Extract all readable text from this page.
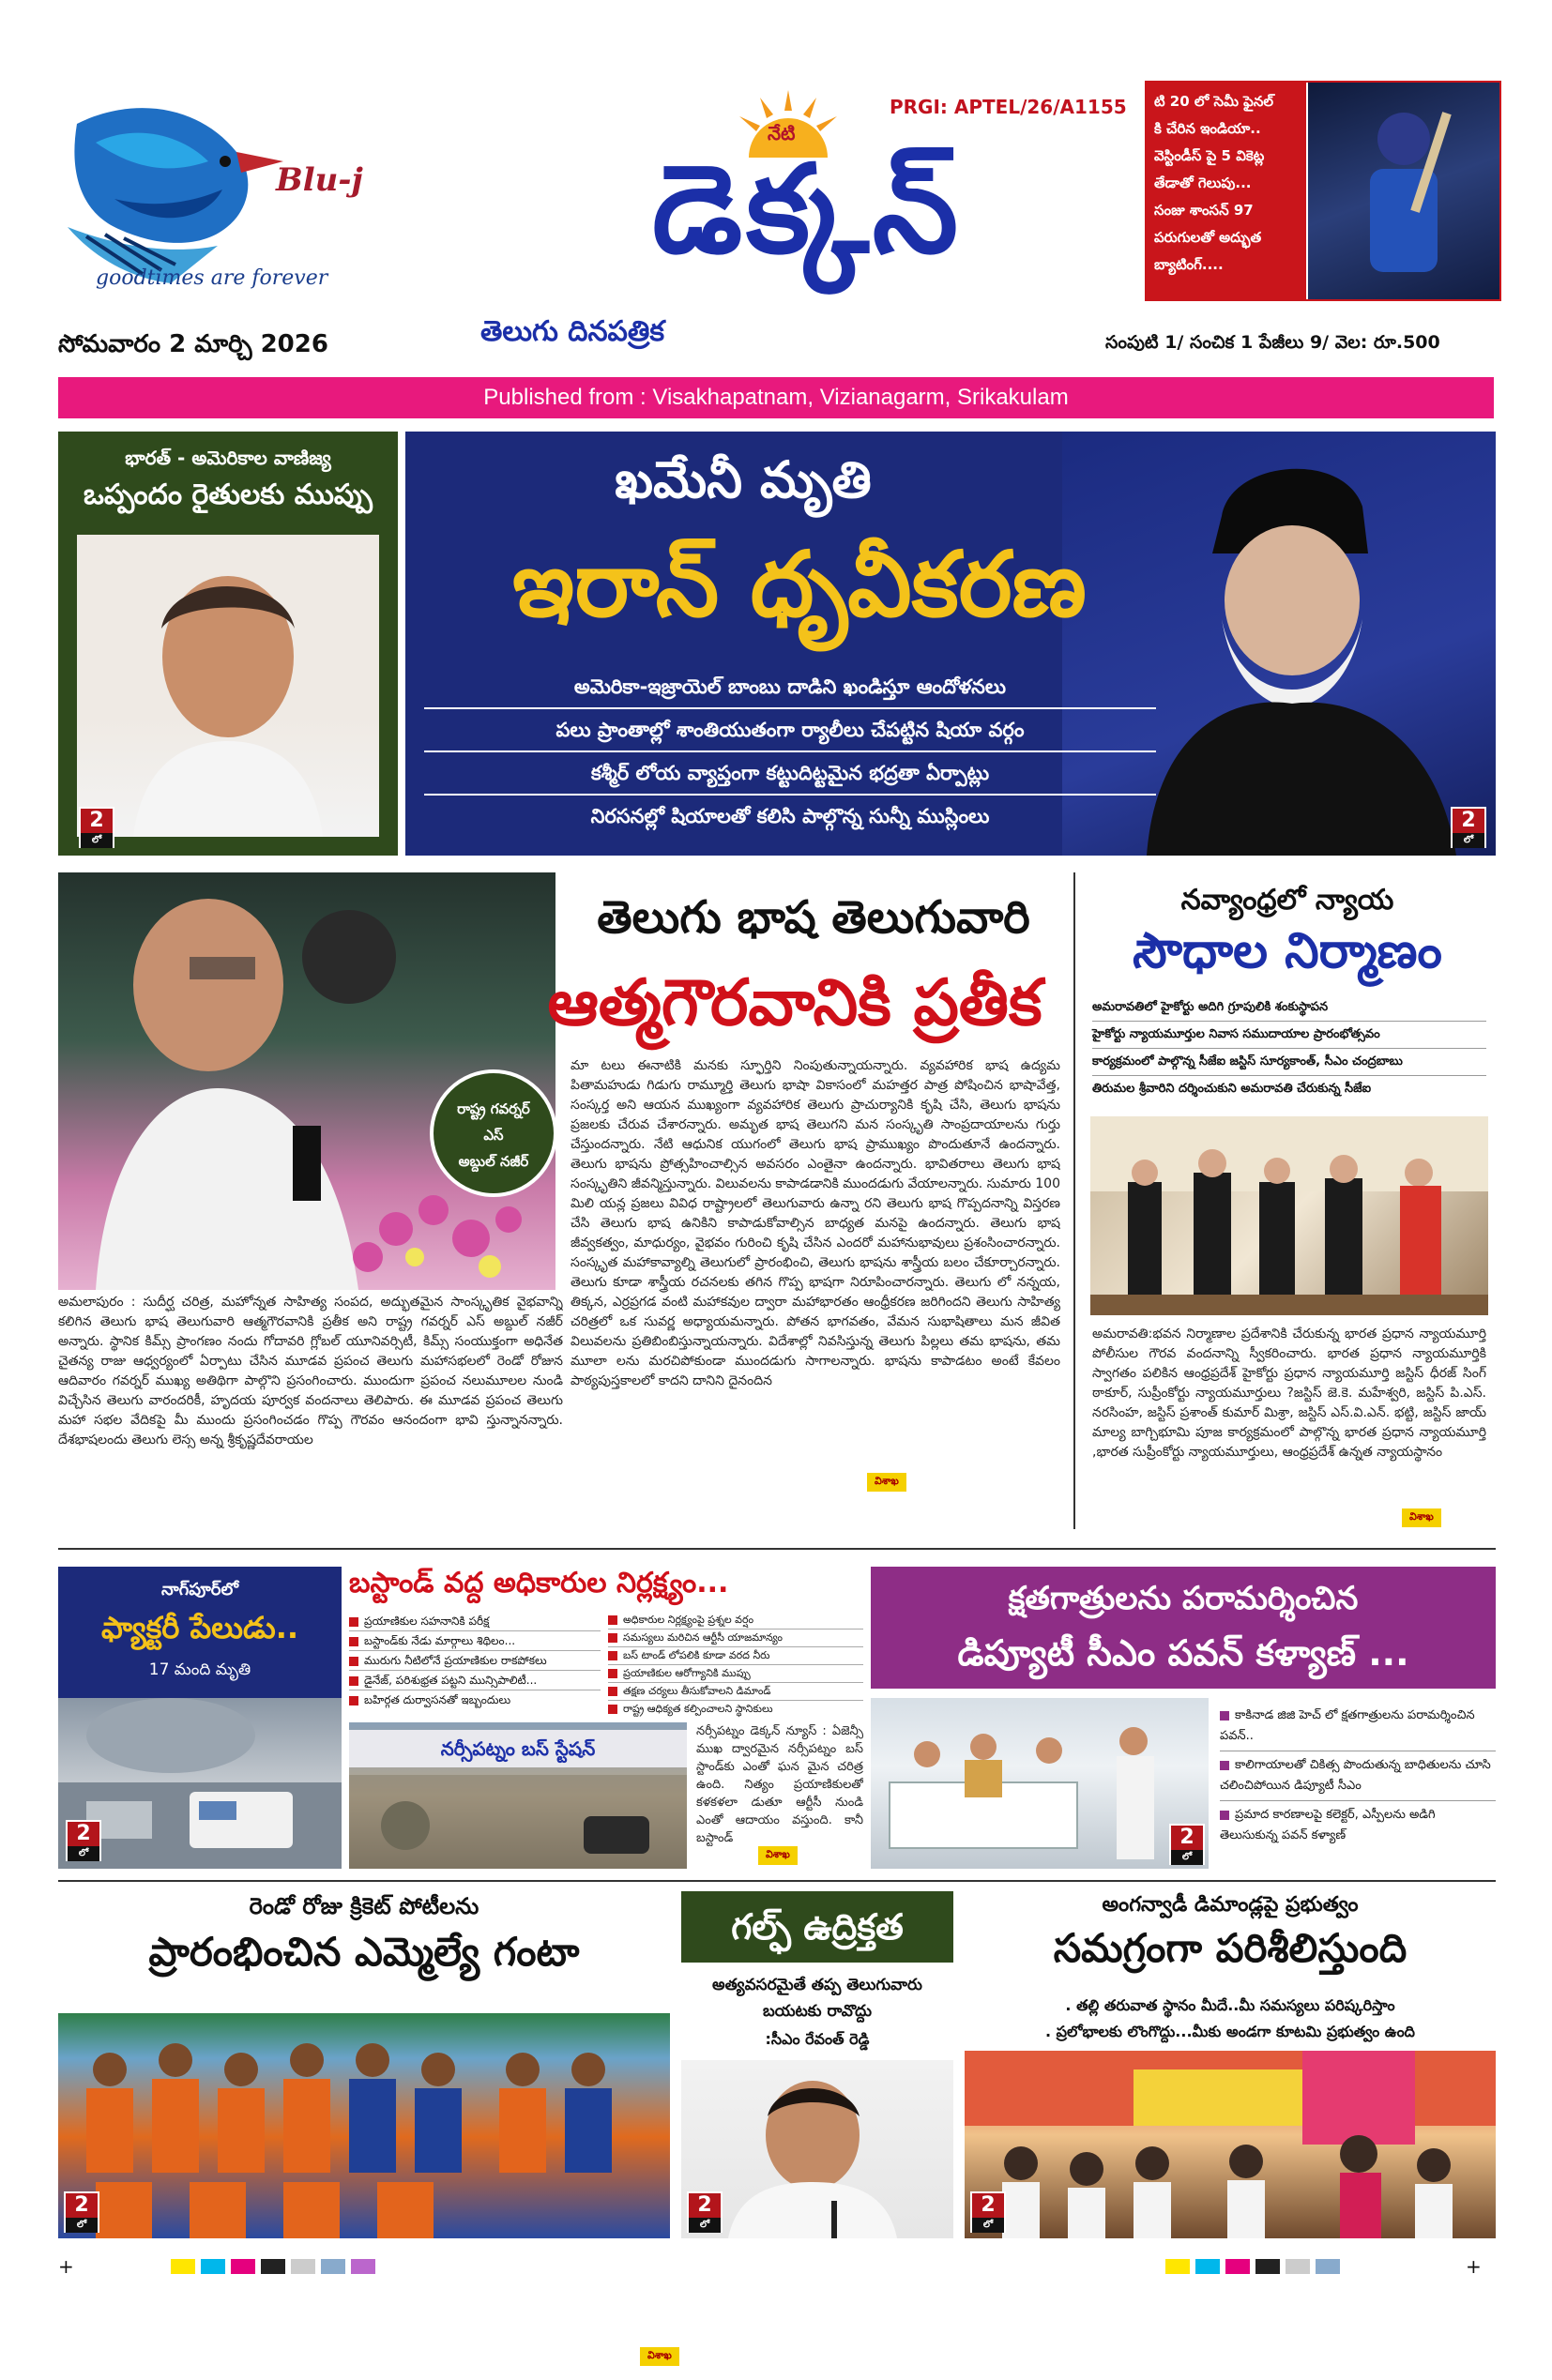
Blu-j
goodtimes are forever
సోమవారం 2 మార్చి 2026
నేటి
PRGI: APTEL/26/A1155
డెక్కన్
తెలుగు దినపత్రిక
టి 20 లో సెమీ ఫైనల్
కి చేరిన ఇండియా..
వెస్టిండీస్ పై 5 వికెట్ల
తేడాతో గెలుపు...
సంజు శాంసన్ 97
పరుగులతో అద్భుత
బ్యాటింగ్....
సంపుటి 1/ సంచిక 1 పేజీలు 9/ వెల: రూ.500
Published from : Visakhapatnam, Vizianagarm, Srikakulam
భారత్ - అమెరికాల వాణిజ్య
ఒప్పందం రైతులకు ముప్పు
2
లో
ఖమేనీ మృతి
ఇరాన్ ధృవీకరణ
అమెరికా-ఇజ్రాయెల్ బాంబు దాడిని ఖండిస్తూ ఆందోళనలు
పలు ప్రాంతాల్లో శాంతియుతంగా ర్యాలీలు చేపట్టిన షియా వర్గం
కశ్మీర్ లోయ వ్యాప్తంగా కట్టుదిట్టమైన భద్రతా ఏర్పాట్లు
నిరసనల్లో షియాలతో కలిసి పాల్గొన్న సున్నీ ముస్లింలు	2
లో
తెలుగు భాష తెలుగువారి
ఆత్మగౌరవానికి ప్రతీక
రాష్ట్ర గవర్నర్
ఎస్
అబ్దుల్ నజీర్
మా టలు ఈనాటికి మనకు స్ఫూర్తిని నింపుతున్నాయన్నారు. వ్యవహారిక భాష ఉద్యమ పితామహుడు గిడుగు రామ్మూర్తి తెలుగు భాషా వికాసంలో మహత్తర పాత్ర పోషించిన భాషావేత్త, సంస్కర్త అని ఆయన ముఖ్యంగా వ్యవహారిక తెలుగు ప్రాచుర్యానికి కృషి చేసి, తెలుగు భాషను ప్రజలకు చేరువ చేశారన్నారు. అమృత భాష తెలుగని మన సంస్కృతి సాంప్రదాయాలను గుర్తు చేస్తుందన్నారు. నేటి ఆధునిక యుగంలో తెలుగు భాష ప్రాముఖ్యం పొందుతూనే ఉందన్నారు. తెలుగు భాషను ప్రోత్సహించాల్సిన అవసరం ఎంతైనా ఉందన్నారు. భావితరాలు తెలుగు భాష సంస్కృతిని జీవన్మిస్తున్నారు. విలువలను కాపాడడానికి ముందడుగు వేయాలన్నారు. సుమారు 100 మిలి యన్ల ప్రజలు వివిధ రాష్ట్రాలలో తెలుగువారు ఉన్నా రని తెలుగు భాష గొప్పదనాన్ని విస్తరణ చేసి తెలుగు భాష ఉనికిని కాపాడుకోవాల్సిన బాధ్యత మనపై ఉందన్నారు. తెలుగు భాష జీవ్వకత్వం, మాధుర్యం, వైభవం గురించి కృషి చేసిన ఎందరో మహానుభావులు ప్రశంసించారన్నారు. సంస్కృత మహాకావ్యాల్ని తెలుగులో ప్రారంభించి, తెలుగు భాషను శాస్త్రీయ బలం చేకూర్చారన్నారు. తెలుగు కూడా శాస్త్రీయ రచనలకు తగిన గొప్ప భాషగా నిరూపించారన్నారు. తెలుగు లో నన్నయ, తిక్కన, ఎర్రప్రగడ వంటి మహాకవుల ద్వారా మహాభారతం ఆంధ్రీకరణ జరిగిందని తెలుగు సాహిత్య చరిత్రలో ఒక సువర్ణ అధ్యాయమన్నారు. పోతన భాగవతం, వేమన సుభాషితాలు మన జీవిత విలువలను ప్రతిబింబిస్తున్నాయన్నారు. విదేశాల్లో నివసిస్తున్న తెలుగు పిల్లలు తమ భాషను, తమ మూలా లను మరచిపోకుండా ముందడుగు సాగాలన్నారు. భాషను కాపాడటం అంటే కేవలం పాఠ్యపుస్తకాలలో కాదని దానిని దైనందిన
అమలాపురం : సుదీర్ఘ చరిత్ర, మహోన్నత సాహిత్య సంపద, అద్భుతమైన సాంస్కృతిక వైభవాన్ని కలిగిన తెలుగు భాష తెలుగువారి ఆత్మగౌరవానికి ప్రతీక అని రాష్ట్ర గవర్నర్ ఎస్ అబ్దుల్ నజీర్ అన్నారు. స్థానిక కిమ్స్ ప్రాంగణం నందు గోదావరి గ్లోబల్ యూనివర్సిటీ, కిమ్స్ సంయుక్తంగా అధినేత చైతన్య రాజు ఆధ్వర్యంలో ఏర్పాటు చేసిన మూడవ ప్రపంచ తెలుగు మహాసభలలో రెండో రోజున ఆదివారం గవర్నర్ ముఖ్య అతిథిగా పాల్గొని ప్రసంగించారు. ముందుగా ప్రపంచ నలుమూలల నుండి విచ్చేసిన తెలుగు వారందరికీ, హృదయ పూర్వక వందనాలు తెలిపారు. ఈ మూడవ ప్రపంచ తెలుగు మహా సభల వేదికపై మీ ముందు ప్రసంగించడం గొప్ప గౌరవం ఆనందంగా భావి స్తున్నానన్నారు. దేశభాషలందు తెలుగు లెస్స అన్న శ్రీకృష్ణదేవరాయల
విశాఖ
నవ్యాంధ్రలో న్యాయ
సౌధాల నిర్మాణం
అమరావతిలో హైకోర్టు అదిగి గ్రూపులికి శంకుస్థాపన
హైకోర్టు న్యాయమూర్తుల నివాస సముదాయాల ప్రారంభోత్సవం
కార్యక్రమంలో పాల్గొన్న సీజేఐ జస్టిస్ సూర్యకాంత్, సీఎం చంద్రబాబు
తిరుమల శ్రీవారిని దర్శించుకుని అమరావతి చేరుకున్న సీజేఐ
అమరావతి:భవన నిర్మాణాల ప్రదేశానికి చేరుకున్న భారత ప్రధాన న్యాయమూర్తి పోలీసుల గౌరవ వందనాన్ని స్వీకరించారు. భారత ప్రధాన న్యాయమూర్తికి స్వాగతం పలికిన ఆంధ్రప్రదేశ్ హైకోర్టు ప్రధాన న్యాయమూర్తి జస్టిస్ ధీరజ్ సింగ్ ఠాకూర్, సుప్రీంకోర్టు న్యాయమూర్తులు ?జస్టిస్ జె.కె. మహేశ్వరి, జస్టిస్ పి.ఎస్. నరసింహ, జస్టిస్ ప్రశాంత్ కుమార్ మిశ్రా, జస్టిస్ ఎస్.వి.ఎన్. భట్టి, జస్టిస్ జాయ్ మాల్య బాగ్చిభూమి పూజ కార్యక్రమంలో పాల్గొన్న భారత ప్రధాన న్యాయమూర్తి ,భారత సుప్రీంకోర్టు న్యాయమూర్తులు, ఆంధ్రప్రదేశ్ ఉన్నత న్యాయస్థానం
విశాఖ
నాగ్‌పూర్‌లో
ఫ్యాక్టరీ పేలుడు..
17 మంది మృతి
2
లో
బస్టాండ్ వద్ద అధికారుల నిర్లక్ష్యం...
ప్రయాణికుల సహనానికి పరీక్ష
బస్టాండ్‌కు నేడు మార్గాలు శిథిలం...
మురుగు నీటిలోనే ప్రయాణికుల రాకపోకలు
డైనేజ్, పరిశుభ్రత పట్టని మున్సిపాలిటీ...
బహిర్గత దుర్వాసనతో ఇబ్బందులు
అధికారుల నిర్లక్ష్యంపై ప్రశ్నల వర్షం
సమస్యలు మరిచిన ఆర్టీసీ యాజమాన్యం
బస్ టాండ్‌ లోపలికి కూడా వరద నీరు
ప్రయాణికుల ఆరోగ్యానికి ముప్పు
తక్షణ చర్యలు తీసుకోవాలని డిమాండ్
రాష్ట్ర ఆధిక్యత కల్పించాలని స్థానికులు
నర్సీపట్నం బస్ స్టేషన్
నర్సీపట్నం డెక్కన్ న్యూస్ : ఏజెన్సీ ముఖ ద్వారమైన నర్సీపట్నం బస్ స్టాండ్‌కు ఎంతో ఘన మైన చరిత్ర ఉంది. నిత్యం ప్రయాణికులతో కళకళలా డుతూ ఆర్టీసీ నుండి ఎంతో ఆదాయం వస్తుంది. కానీ బస్టాండ్
విశాఖ
క్షతగాత్రులను పరామర్శించిన
డిప్యూటీ సీఎం పవన్ కళ్యాణ్ ...
కాకినాడ జిజి హెచ్ లో క్షతగాత్రులను పరామర్శించిన పవన్..
కాలిగాయాలతో చికిత్స పొందుతున్న బాధితులను చూసి చలించిపోయిన డిప్యూటీ సీఎం
ప్రమాద కారణాలపై కలెక్టర్, ఎస్పీలను అడిగి తెలుసుకున్న పవన్ కళ్యాణ్
2
లో
రెండో రోజు క్రికెట్ పోటీలను
ప్రారంభించిన ఎమ్మెల్యే గంటా
2
లో
గల్ఫ్ ఉద్రిక్తత
అత్యవసరమైతే తప్ప తెలుగువారు బయటకు రావొద్దు
:సీఎం రేవంత్ రెడ్డి
2
లో
అంగన్వాడీ డిమాండ్లపై ప్రభుత్వం
సమగ్రంగా పరిశీలిస్తుంది
. తల్లి తరువాత స్థానం మీదే..మీ సమస్యలు పరిష్కరిస్తాం
. ప్రలోభాలకు లొంగొద్దు...మీకు అండగా కూటమి ప్రభుత్వం ఉంది
2
లో
+	+
విశాఖ
